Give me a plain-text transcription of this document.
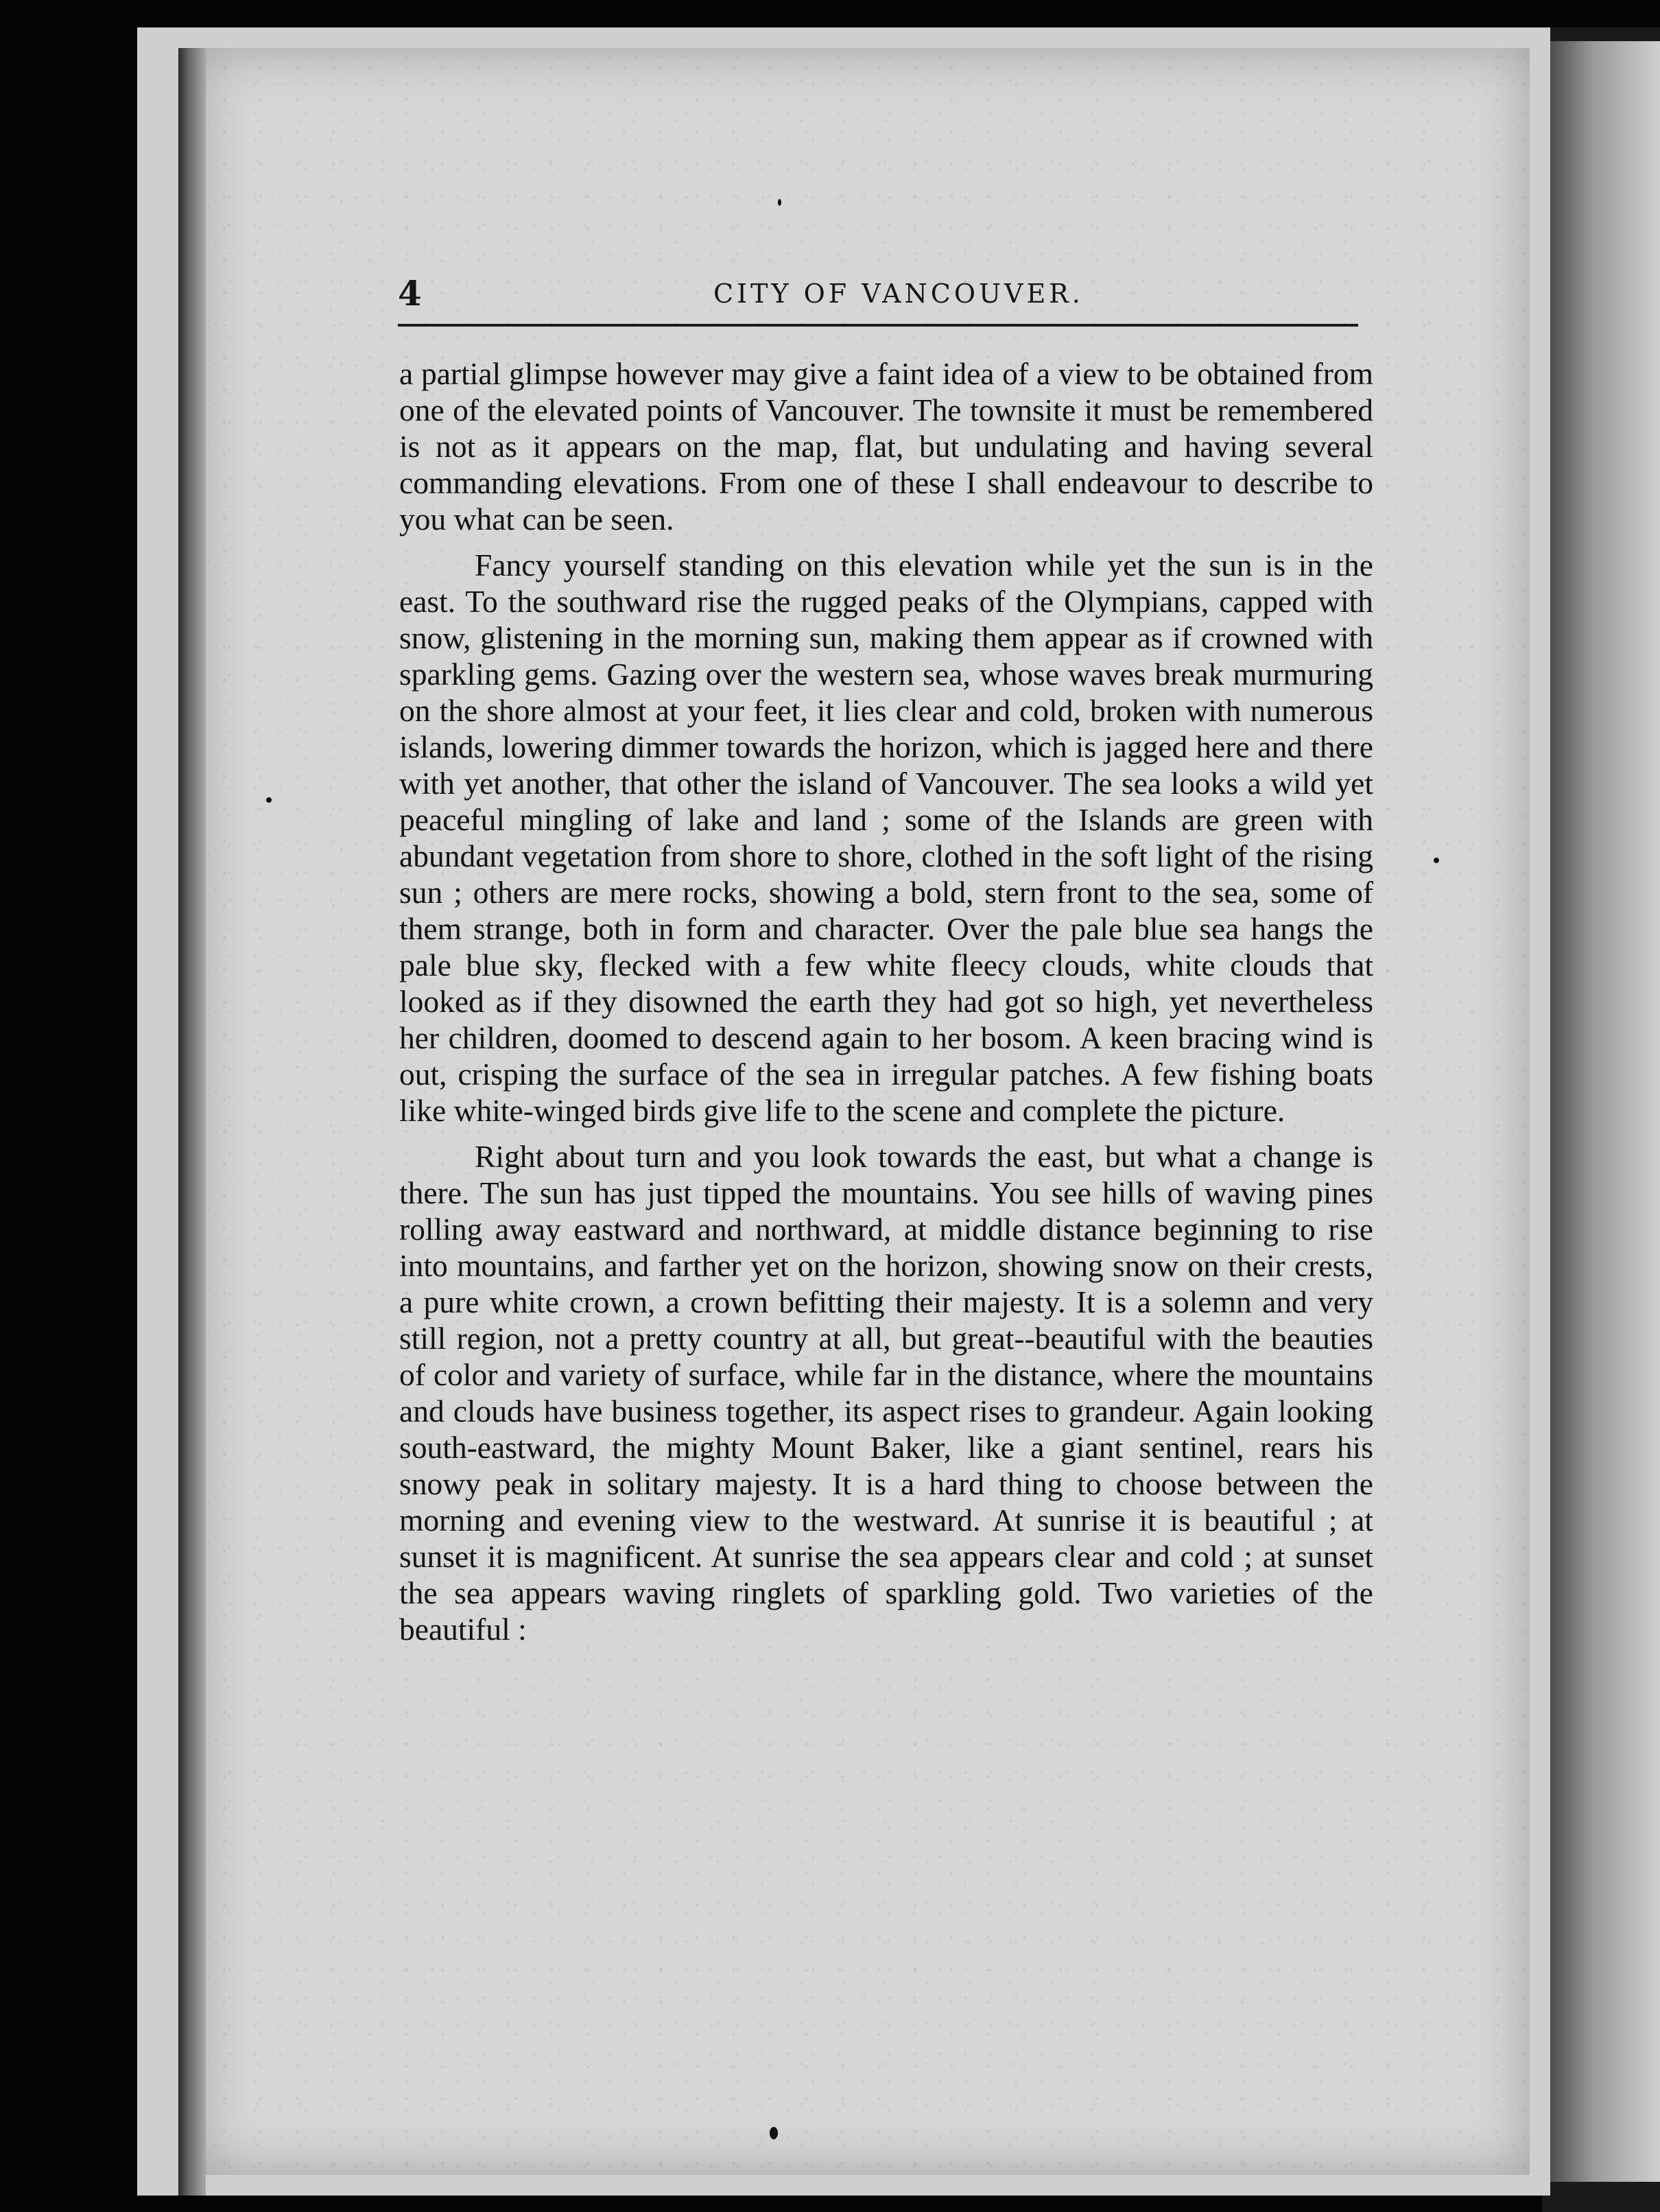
4	CITY OF VANCOUVER.

a partial glimpse however may give a faint idea of a view to be obtained from one of the elevated points of Vancouver. The townsite it must be remembered is not as it appears on the map, flat, but undulating and having several commanding elevations. From one of these I shall endeavour to describe to you what can be seen.

Fancy yourself standing on this elevation while yet the sun is in the east. To the southward rise the rugged peaks of the Olympians, capped with snow, glistening in the morning sun, making them appear as if crowned with sparkling gems. Gazing over the western sea, whose waves break murmuring on the shore almost at your feet, it lies clear and cold, broken with numerous islands, lowering dimmer towards the horizon, which is jagged here and there with yet another, that other the island of Vancouver. The sea looks a wild yet peaceful mingling of lake and land ; some of the Islands are green with abundant vegetation from shore to shore, clothed in the soft light of the rising sun ; others are mere rocks, showing a bold, stern front to the sea, some of them strange, both in form and character. Over the pale blue sea hangs the pale blue sky, flecked with a few white fleecy clouds, white clouds that looked as if they disowned the earth they had got so high, yet nevertheless her children, doomed to descend again to her bosom. A keen bracing wind is out, crisping the surface of the sea in irregular patches. A few fishing boats like white-winged birds give life to the scene and complete the picture.

Right about turn and you look towards the east, but what a change is there. The sun has just tipped the mountains. You see hills of waving pines rolling away eastward and northward, at middle distance beginning to rise into mountains, and farther yet on the horizon, showing snow on their crests, a pure white crown, a crown befitting their majesty. It is a solemn and very still region, not a pretty country at all, but great--beautiful with the beauties of color and variety of surface, while far in the distance, where the mountains and clouds have business together, its aspect rises to grandeur. Again looking south-eastward, the mighty Mount Baker, like a giant sentinel, rears his snowy peak in solitary majesty. It is a hard thing to choose between the morning and evening view to the westward. At sunrise it is beautiful ; at sunset it is magnificent. At sunrise the sea appears clear and cold ; at sunset the sea appears waving ringlets of sparkling gold. Two varieties of the beautiful :
